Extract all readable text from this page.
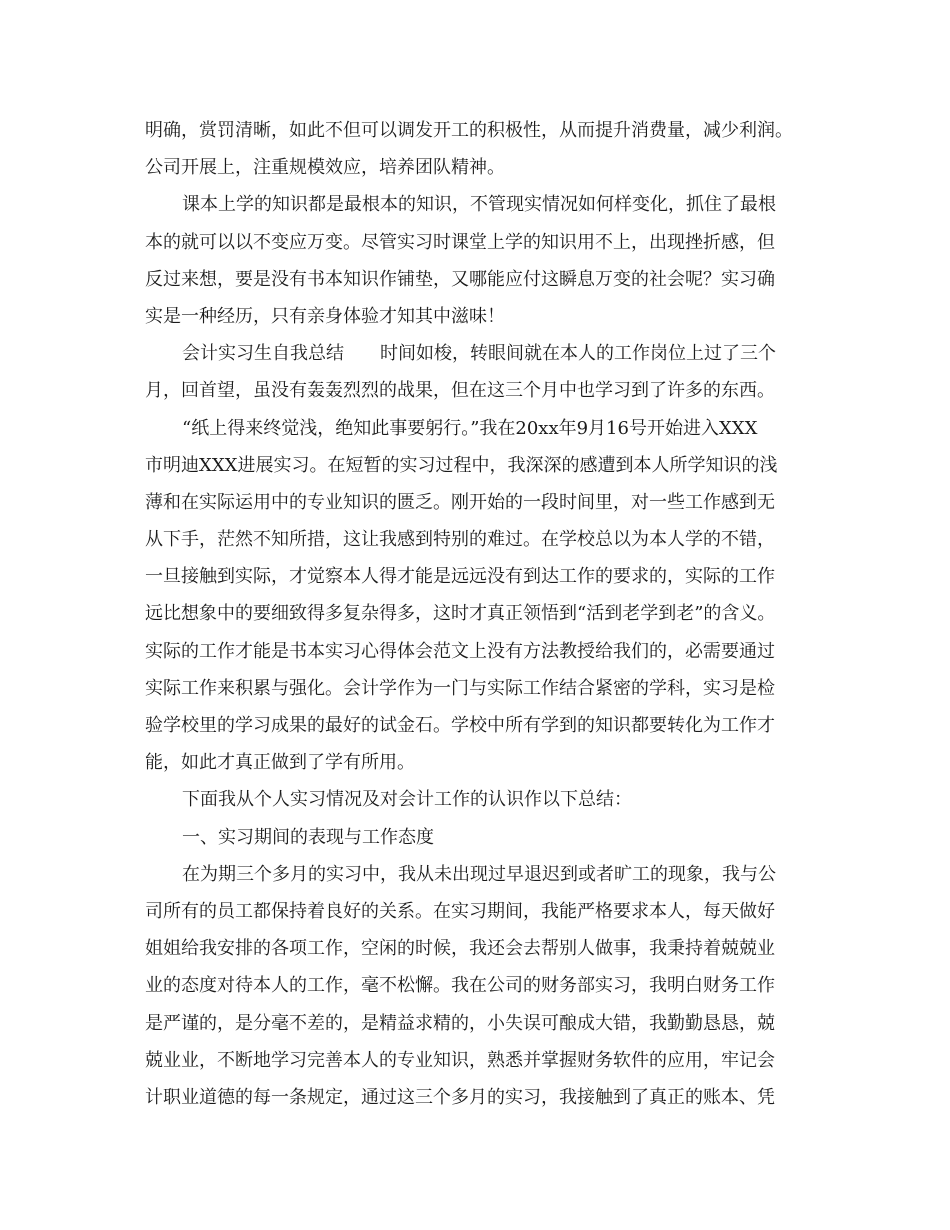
明确，赏罚清晰，如此不但可以调发开工的积极性，从而提升消费量，减少利润。
公司开展上，注重规模效应，培养团队精神。
课本上学的知识都是最根本的知识，不管现实情况如何样变化，抓住了最根
本的就可以以不变应万变。尽管实习时课堂上学的知识用不上，出现挫折感，但
反过来想，要是没有书本知识作铺垫，又哪能应付这瞬息万变的社会呢？实习确
实是一种经历，只有亲身体验才知其中滋味！
会计实习生自我总结　　时间如梭，转眼间就在本人的工作岗位上过了三个
月，回首望，虽没有轰轰烈烈的战果，但在这三个月中也学习到了许多的东西。
“纸上得来终觉浅，绝知此事要躬行。”我在20xx年9月16号开始进入XXX
市明迪XXX进展实习。在短暂的实习过程中，我深深的感遭到本人所学知识的浅
薄和在实际运用中的专业知识的匮乏。刚开始的一段时间里，对一些工作感到无
从下手，茫然不知所措，这让我感到特别的难过。在学校总以为本人学的不错，
一旦接触到实际，才觉察本人得才能是远远没有到达工作的要求的，实际的工作
远比想象中的要细致得多复杂得多，这时才真正领悟到“活到老学到老”的含义。
实际的工作才能是书本实习心得体会范文上没有方法教授给我们的，必需要通过
实际工作来积累与强化。会计学作为一门与实际工作结合紧密的学科，实习是检
验学校里的学习成果的最好的试金石。学校中所有学到的知识都要转化为工作才
能，如此才真正做到了学有所用。
下面我从个人实习情况及对会计工作的认识作以下总结：
一、实习期间的表现与工作态度
在为期三个多月的实习中，我从未出现过早退迟到或者旷工的现象，我与公
司所有的员工都保持着良好的关系。在实习期间，我能严格要求本人，每天做好
姐姐给我安排的各项工作，空闲的时候，我还会去帮别人做事，我秉持着兢兢业
业的态度对待本人的工作，毫不松懈。我在公司的财务部实习，我明白财务工作
是严谨的，是分毫不差的，是精益求精的，小失误可酿成大错，我勤勤恳恳，兢
兢业业，不断地学习完善本人的专业知识，熟悉并掌握财务软件的应用，牢记会
计职业道德的每一条规定，通过这三个多月的实习，我接触到了真正的账本、凭
